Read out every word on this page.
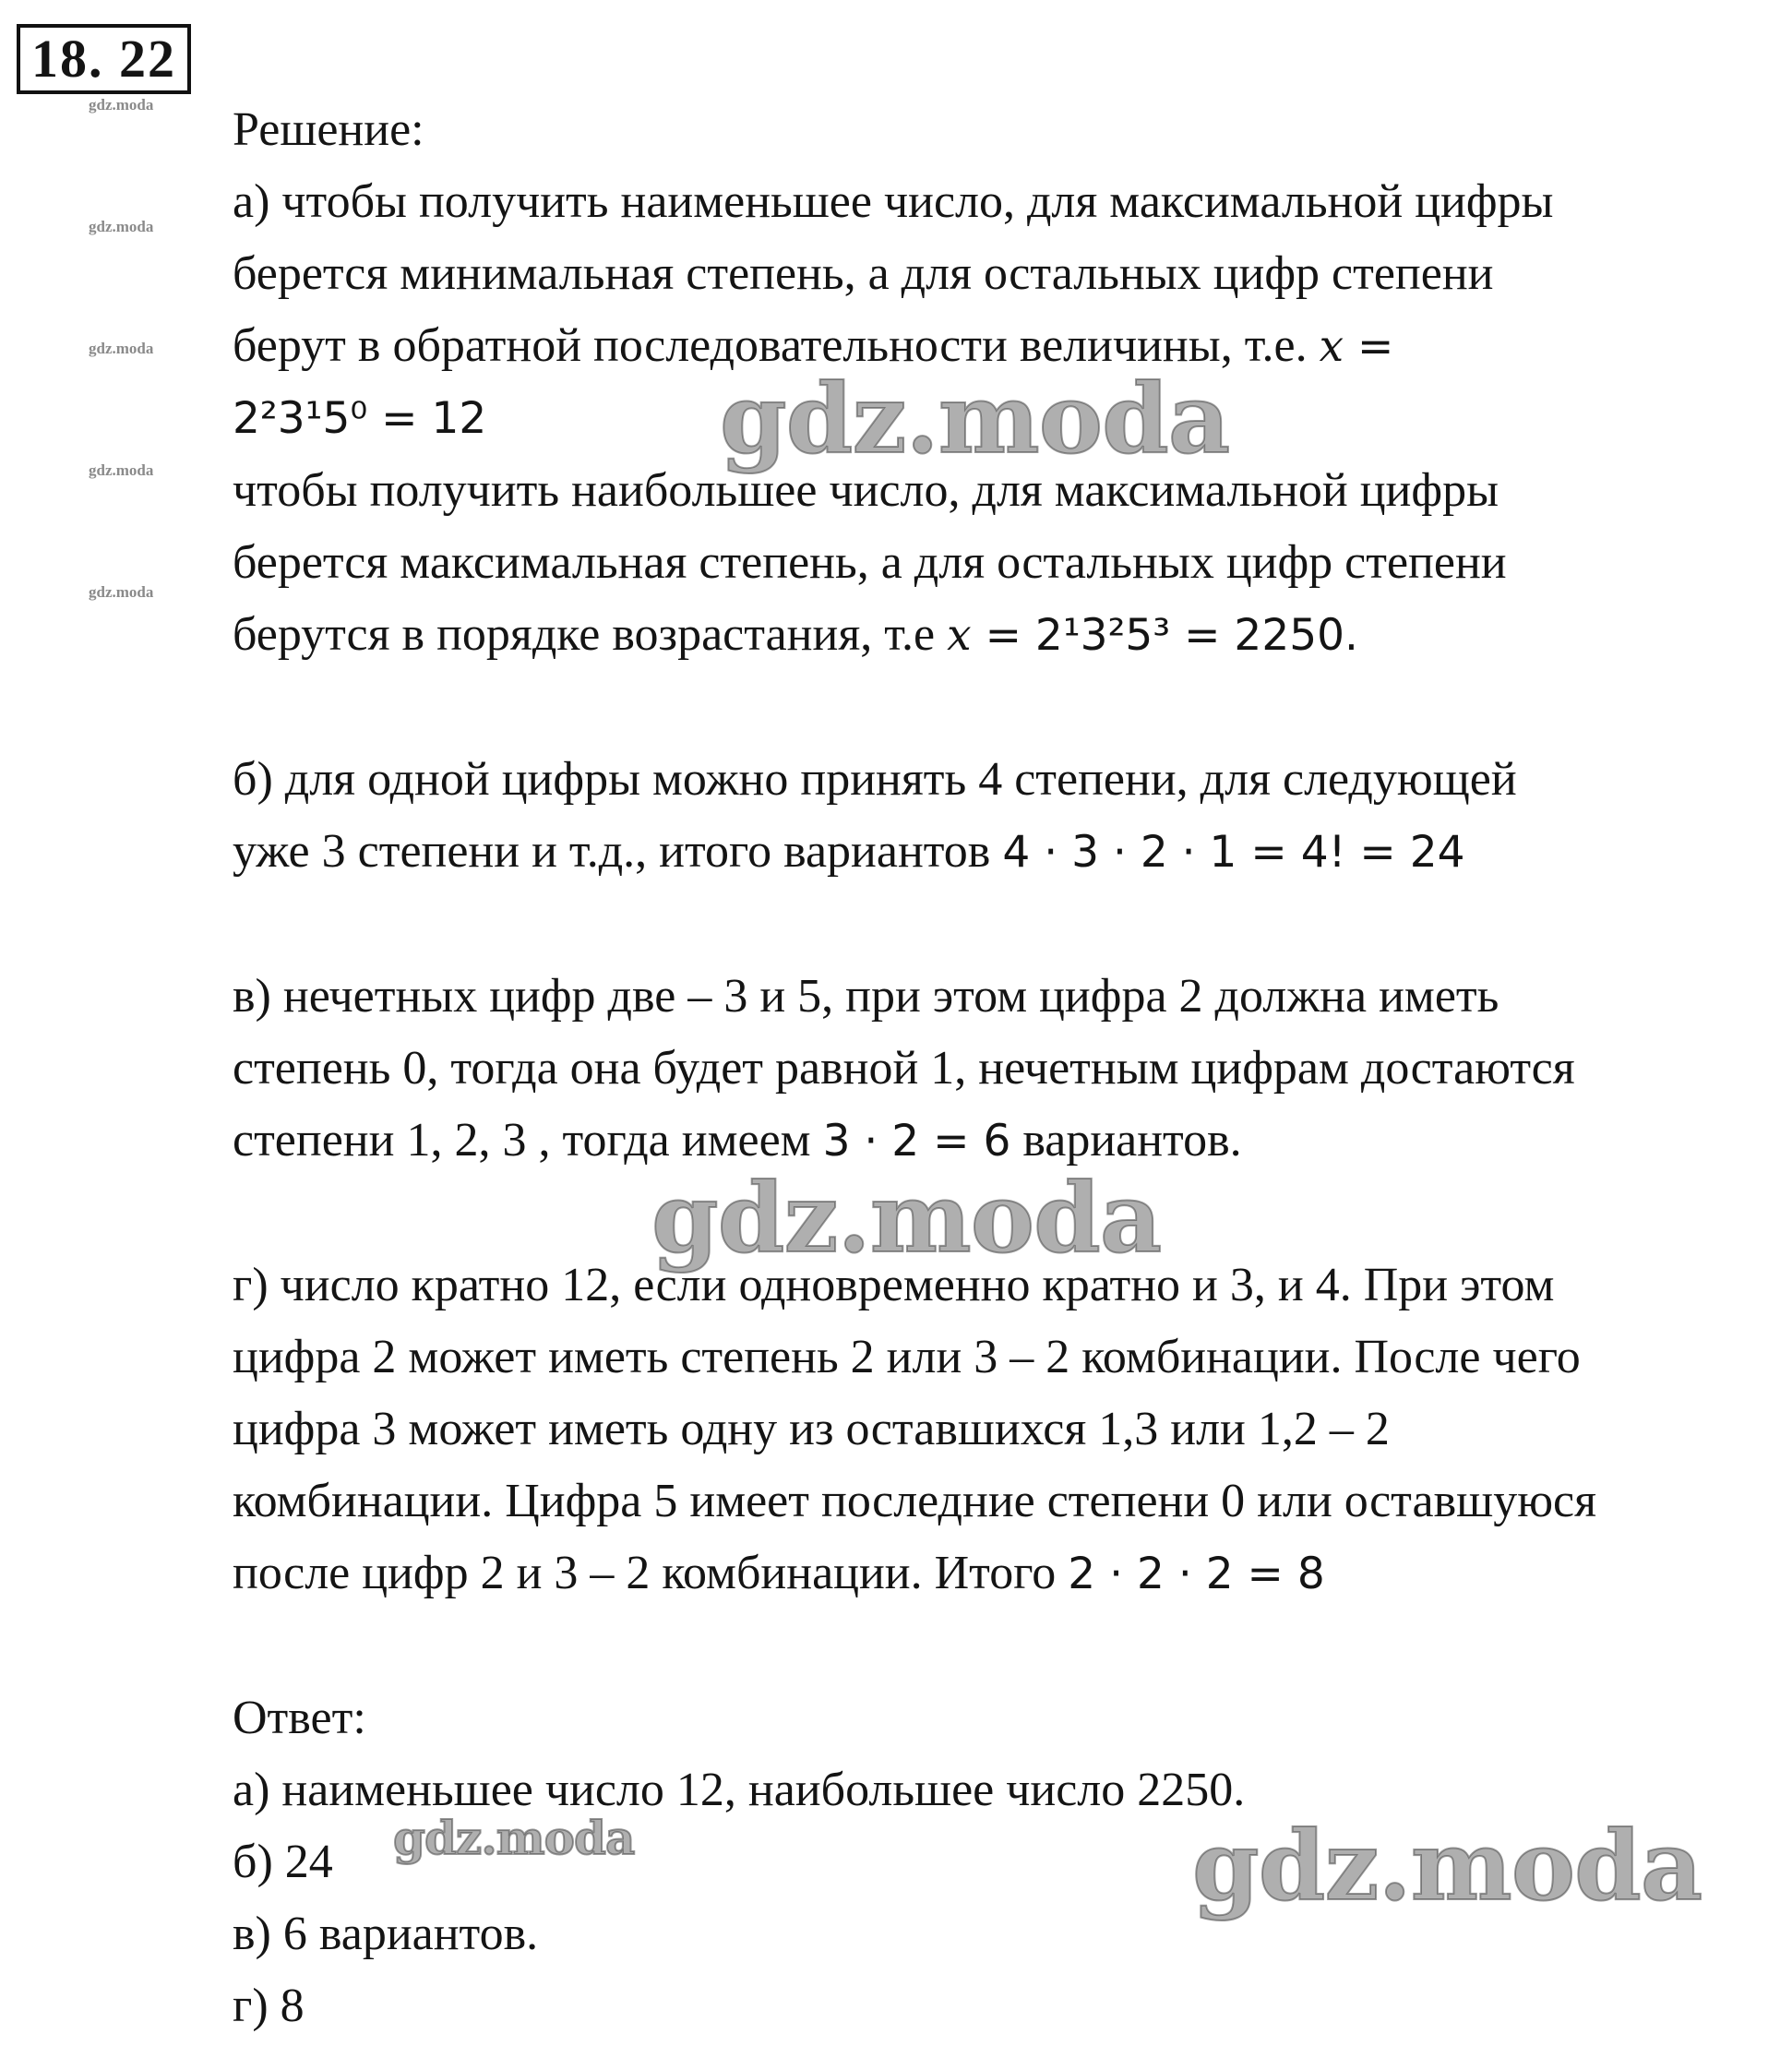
18. 22
gdz.moda
gdz.moda
gdz.moda
gdz.moda
gdz.moda

Решение:

а) чтобы получить наименьшее число, для максимальной цифры

берется минимальная степень, а для остальных цифр степени

берут в обратной последовательности величины, т.е. x =

2²3¹5⁰ = 12

чтобы получить наибольшее число, для максимальной цифры

берется максимальная степень, а для остальных цифр степени

берутся в порядке возрастания, т.е x = 2¹3²5³ = 2250.

б) для одной цифры можно принять 4 степени, для следующей

уже 3 степени и т.д., итого вариантов 4 · 3 · 2 · 1 = 4! = 24

в) нечетных цифр две – 3 и 5, при этом цифра 2 должна иметь

степень 0, тогда она будет равной 1, нечетным цифрам достаются

степени 1, 2, 3 , тогда имеем 3 · 2 = 6 вариантов.

г) число кратно 12, если одновременно кратно и 3, и 4. При этом

цифра 2 может иметь степень 2 или 3 – 2 комбинации. После чего

цифра 3 может иметь одну из оставшихся 1,3 или 1,2 – 2

комбинации. Цифра 5 имеет последние степени 0 или оставшуюся

после цифр 2 и 3 – 2 комбинации. Итого 2 · 2 · 2 = 8

Ответ:

а) наименьшее число 12, наибольшее число 2250.

б) 24

в) 6 вариантов.

г) 8

gdz.moda
gdz.moda
gdz.moda	gdz.moda
